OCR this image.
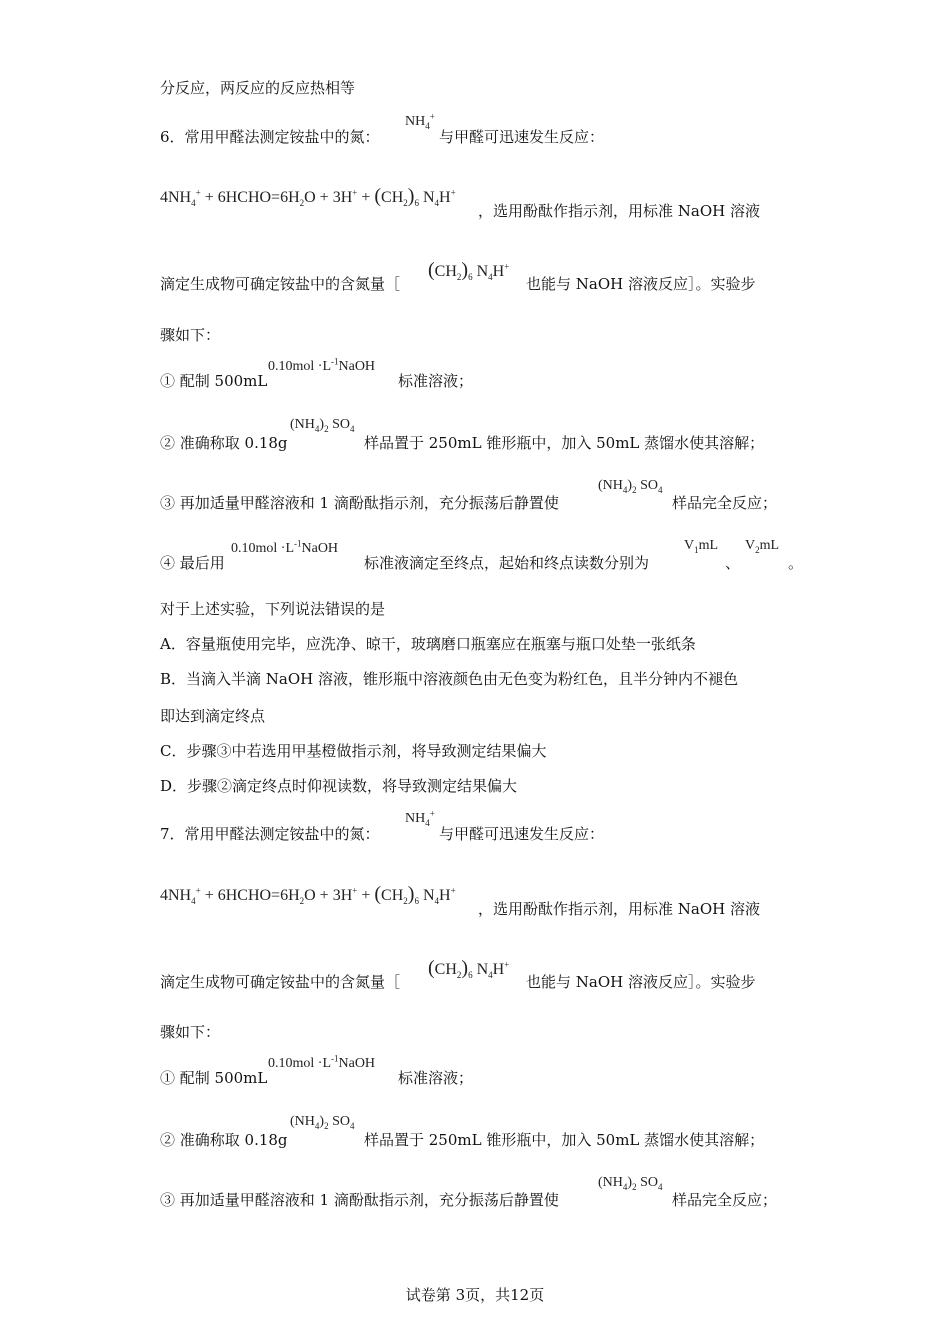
分反应，两反应的反应热相等
6．常用甲醛法测定铵盐中的氮：
$NH_4^+$
与甲醛可迅速发生反应：
$4NH_4^+$ + $6HCHO=6H_2O + 3H^+ + (CH_2)_6$ $N_4H^+$
，选用酚酞作指示剂，用标准 NaOH 溶液
滴定生成物可确定铵盐中的含氮量［
$(CH_2)_6$ $N_4H^+$
也能与 NaOH 溶液反应］。实验步
骤如下：
① 配制 500mL
$0.10mol \cdot L^{-1}NaOH$
标准溶液；
② 准确称取 0.18g
$(NH_4)_2$ $SO_4$
样品置于 250mL 锥形瓶中，加入 50mL 蒸馏水使其溶解；
③ 再加适量甲醛溶液和 1 滴酚酞指示剂，充分振荡后静置使
$(NH_4)_2$ $SO_4$
样品完全反应；
④ 最后用
$0.10mol \cdot L^{-1}NaOH$
标准液滴定至终点，起始和终点读数分别为
$V_1mL$
、
$V_2mL$
。
对于上述实验，下列说法错误的是
A．容量瓶使用完毕，应洗净、晾干，玻璃磨口瓶塞应在瓶塞与瓶口处垫一张纸条
B．当滴入半滴 NaOH 溶液，锥形瓶中溶液颜色由无色变为粉红色，且半分钟内不褪色
即达到滴定终点
C．步骤③中若选用甲基橙做指示剂，将导致测定结果偏大
D．步骤②滴定终点时仰视读数，将导致测定结果偏大
7．常用甲醛法测定铵盐中的氮：
$NH_4^+$
与甲醛可迅速发生反应：
$4NH_4^+$ + $6HCHO=6H_2O + 3H^+ + (CH_2)_6$ $N_4H^+$
，选用酚酞作指示剂，用标准 NaOH 溶液
滴定生成物可确定铵盐中的含氮量［
$(CH_2)_6$ $N_4H^+$
也能与 NaOH 溶液反应］。实验步
骤如下：
① 配制 500mL
$0.10mol \cdot L^{-1}NaOH$
标准溶液；
② 准确称取 0.18g
$(NH_4)_2$ $SO_4$
样品置于 250mL 锥形瓶中，加入 50mL 蒸馏水使其溶解；
③ 再加适量甲醛溶液和 1 滴酚酞指示剂，充分振荡后静置使
$(NH_4)_2$ $SO_4$
样品完全反应；
试卷第 3页，共12页
